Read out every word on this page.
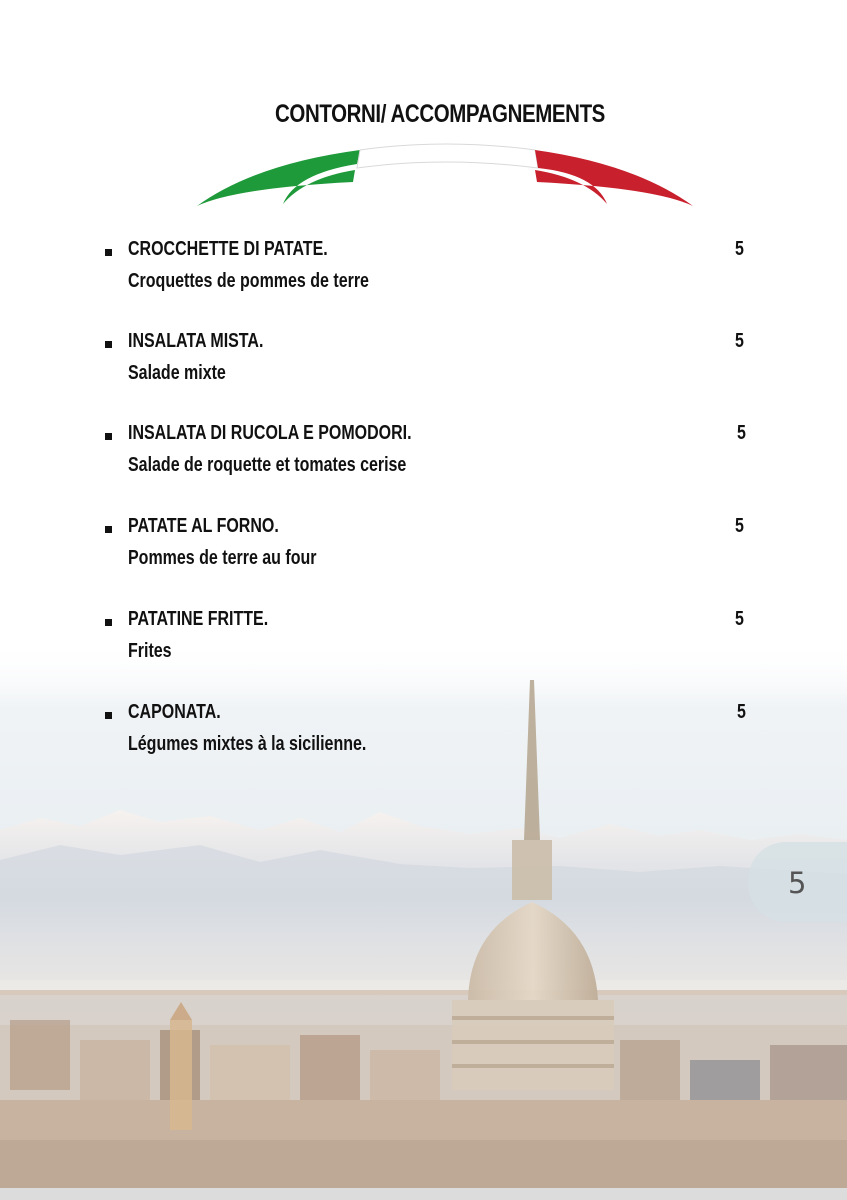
CONTORNI/ ACCOMPAGNEMENTS
CROCCHETTE DI PATATE.
Croquettes de pommes de terre
5
INSALATA MISTA.
Salade mixte
5
INSALATA DI RUCOLA E POMODORI.
Salade de roquette et tomates cerise
5
PATATE AL FORNO.
Pommes de terre au four
5
PATATINE FRITTE.
Frites
5
CAPONATA.
Légumes mixtes à la sicilienne.
5
5
